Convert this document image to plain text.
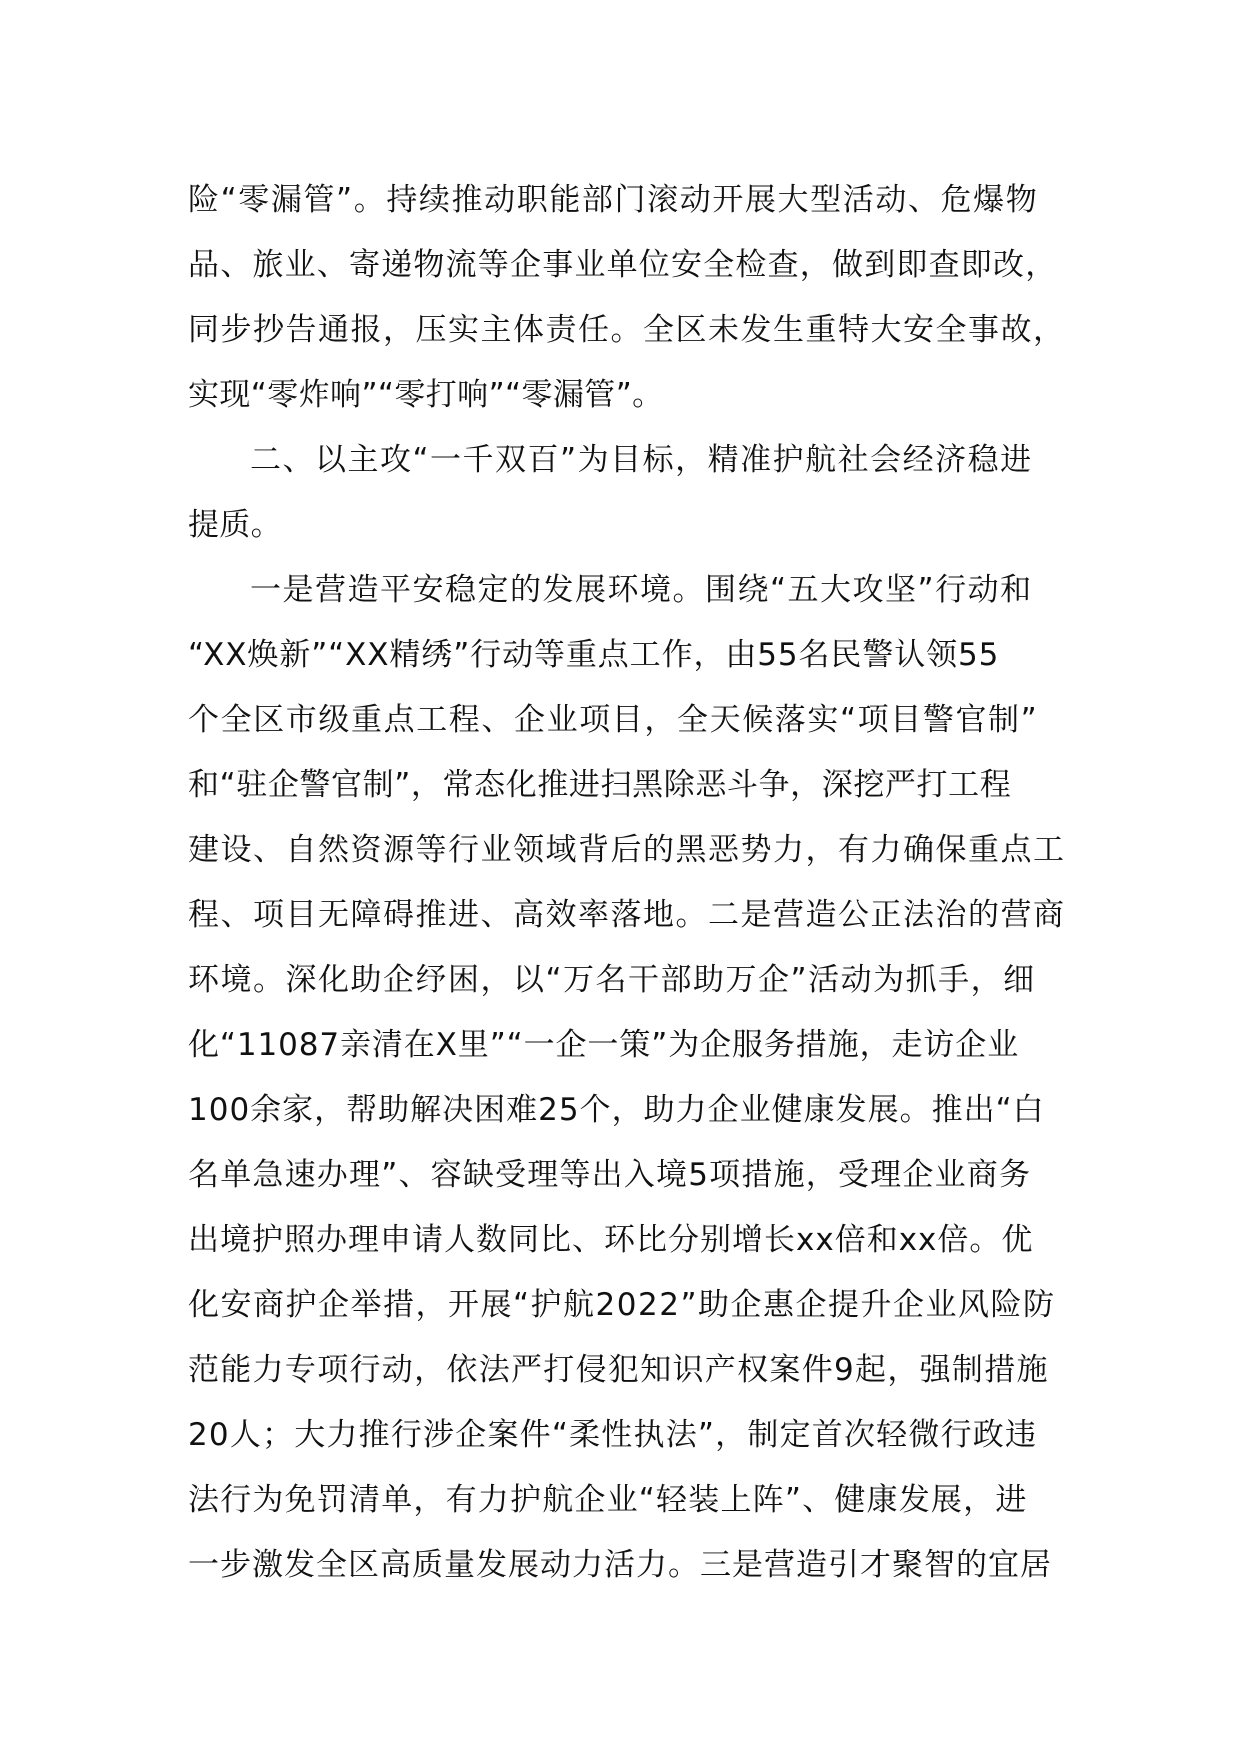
险“零漏管”。持续推动职能部门滚动开展大型活动、危爆物
品、旅业、寄递物流等企事业单位安全检查，做到即查即改，
同步抄告通报，压实主体责任。全区未发生重特大安全事故，
实现“零炸响”“零打响”“零漏管”。
二、以主攻“一千双百”为目标，精准护航社会经济稳进
提质。
一是营造平安稳定的发展环境。围绕“五大攻坚”行动和
“XX焕新”“XX精绣”行动等重点工作，由55名民警认领55
个全区市级重点工程、企业项目，全天候落实“项目警官制”
和“驻企警官制”，常态化推进扫黑除恶斗争，深挖严打工程
建设、自然资源等行业领域背后的黑恶势力，有力确保重点工
程、项目无障碍推进、高效率落地。二是营造公正法治的营商
环境。深化助企纾困，以“万名干部助万企”活动为抓手，细
化“11087亲清在X里”“一企一策”为企服务措施，走访企业
100余家，帮助解决困难25个，助力企业健康发展。推出“白
名单急速办理”、容缺受理等出入境5项措施，受理企业商务
出境护照办理申请人数同比、环比分别增长xx倍和xx倍。优
化安商护企举措，开展“护航2022”助企惠企提升企业风险防
范能力专项行动，依法严打侵犯知识产权案件9起，强制措施
20人；大力推行涉企案件“柔性执法”，制定首次轻微行政违
法行为免罚清单，有力护航企业“轻装上阵”、健康发展，进
一步激发全区高质量发展动力活力。三是营造引才聚智的宜居
